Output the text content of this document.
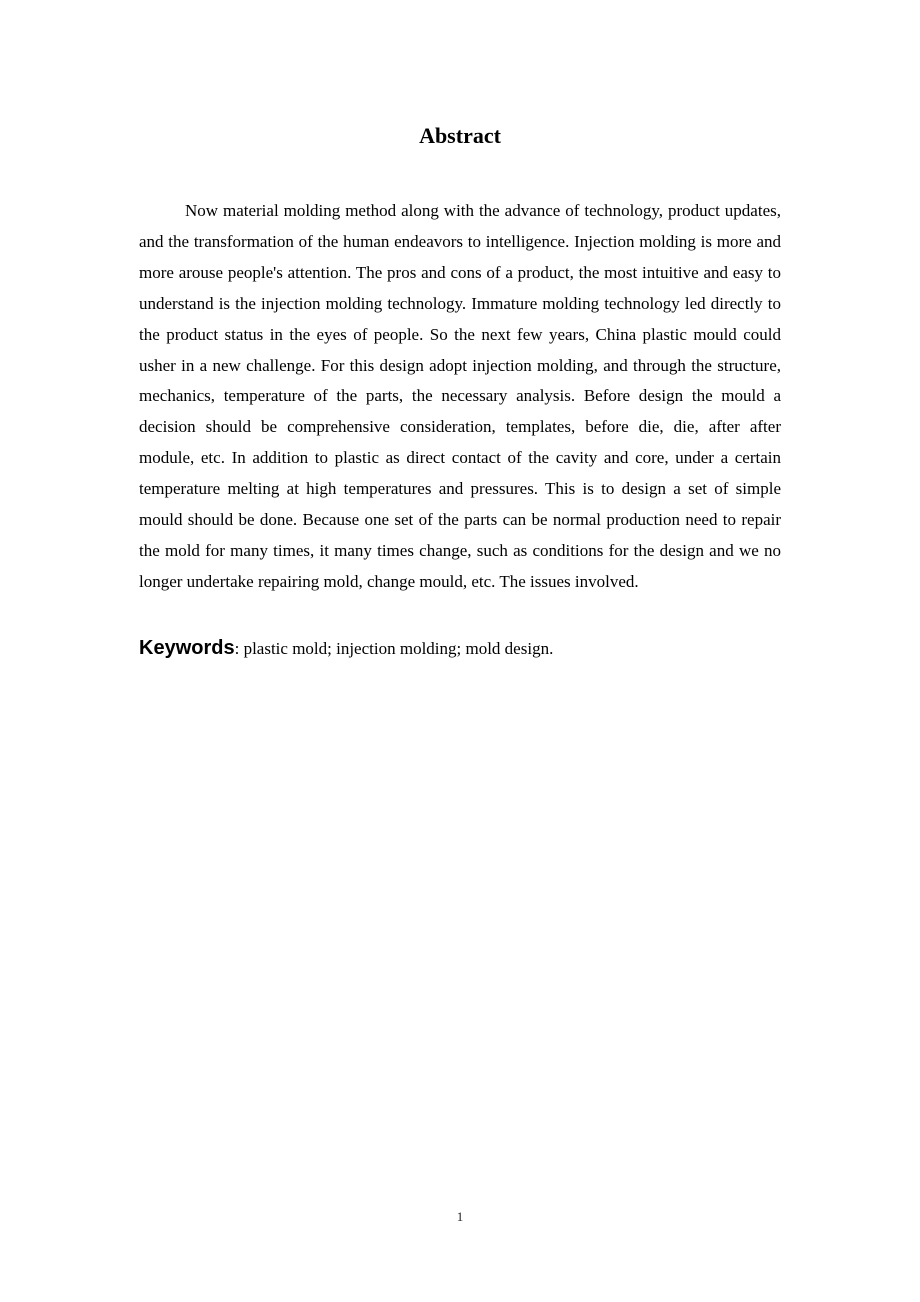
Abstract

Now material molding method along with the advance of technology, product updates, and the transformation of the human endeavors to intelligence. Injection molding is more and more arouse people's attention. The pros and cons of a product, the most intuitive and easy to understand is the injection molding technology. Immature molding technology led directly to the product status in the eyes of people. So the next few years, China plastic mould could usher in a new challenge. For this design adopt injection molding, and through the structure, mechanics, temperature of the parts, the necessary analysis. Before design the mould a decision should be comprehensive consideration, templates, before die, die, after after module, etc. In addition to plastic as direct contact of the cavity and core, under a certain temperature melting at high temperatures and pressures. This is to design a set of simple mould should be done. Because one set of the parts can be normal production need to repair the mold for many times, it many times change, such as conditions for the design and we no longer undertake repairing mold, change mould, etc. The issues involved.

Keywords: plastic mold; injection molding; mold design.

1
